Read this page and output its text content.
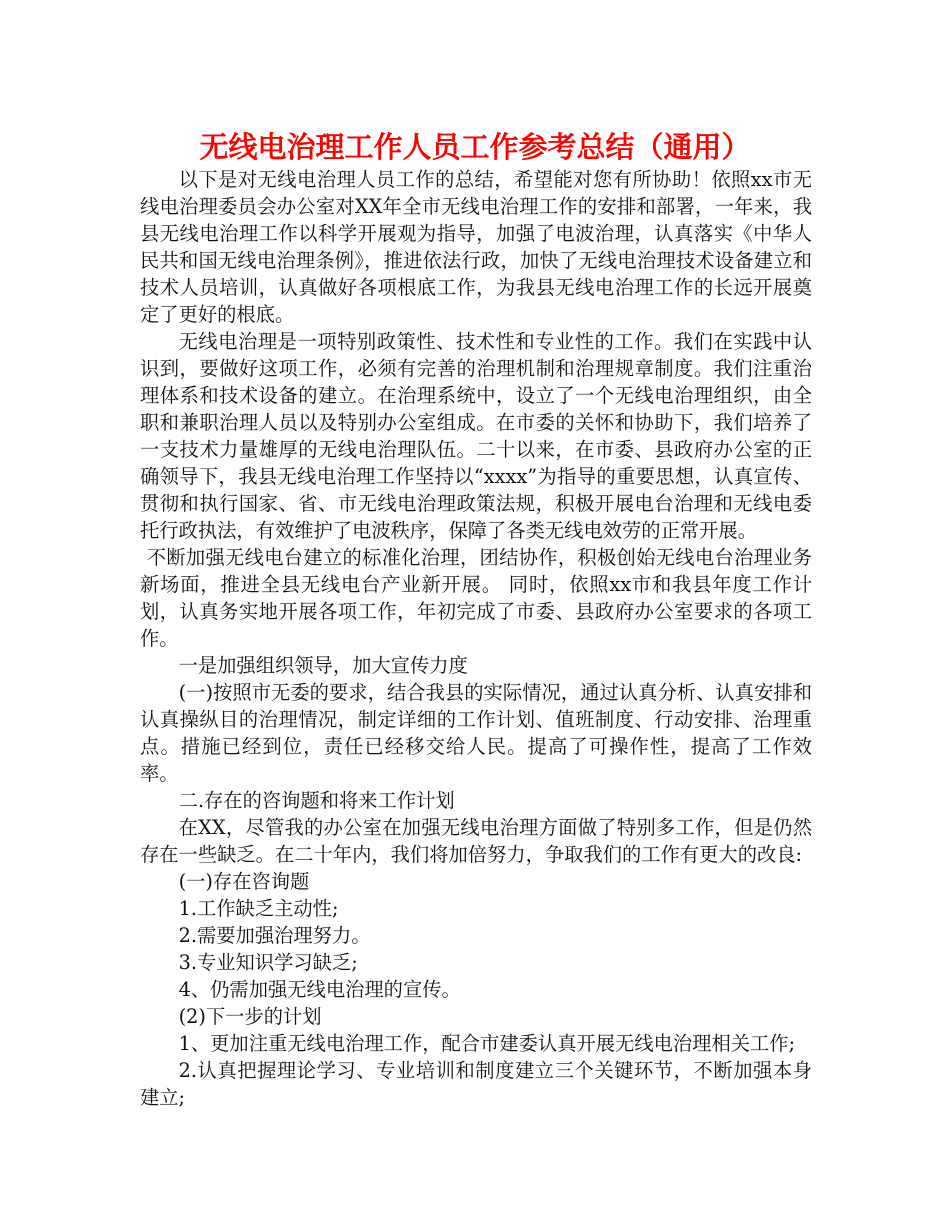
无线电治理工作人员工作参考总结（通用）

以下是对无线电治理人员工作的总结，希望能对您有所协助！依照xx市无线电治理委员会办公室对XX年全市无线电治理工作的安排和部署，一年来，我县无线电治理工作以科学开展观为指导，加强了电波治理，认真落实《中华人民共和国无线电治理条例》，推进依法行政，加快了无线电治理技术设备建立和技术人员培训，认真做好各项根底工作，为我县无线电治理工作的长远开展奠定了更好的根底。

无线电治理是一项特别政策性、技术性和专业性的工作。我们在实践中认识到，要做好这项工作，必须有完善的治理机制和治理规章制度。我们注重治理体系和技术设备的建立。在治理系统中，设立了一个无线电治理组织，由全职和兼职治理人员以及特别办公室组成。在市委的关怀和协助下，我们培养了一支技术力量雄厚的无线电治理队伍。二十以来，在市委、县政府办公室的正确领导下，我县无线电治理工作坚持以“xxxx”为指导的重要思想，认真宣传、贯彻和执行国家、省、市无线电治理政策法规，积极开展电台治理和无线电委托行政执法，有效维护了电波秩序，保障了各类无线电效劳的正常开展。

不断加强无线电台建立的标准化治理，团结协作，积极创始无线电台治理业务新场面，推进全县无线电台产业新开展。 同时，依照xx市和我县年度工作计划，认真务实地开展各项工作，年初完成了市委、县政府办公室要求的各项工作。

一是加强组织领导，加大宣传力度

(一)按照市无委的要求，结合我县的实际情况，通过认真分析、认真安排和认真操纵目的治理情况，制定详细的工作计划、值班制度、行动安排、治理重点。措施已经到位，责任已经移交给人民。提高了可操作性，提高了工作效率。

二.存在的咨询题和将来工作计划

在XX，尽管我的办公室在加强无线电治理方面做了特别多工作，但是仍然存在一些缺乏。在二十年内，我们将加倍努力，争取我们的工作有更大的改良:

(一)存在咨询题

1.工作缺乏主动性;

2.需要加强治理努力。

3.专业知识学习缺乏;

4、仍需加强无线电治理的宣传。

(2)下一步的计划

1、更加注重无线电治理工作，配合市建委认真开展无线电治理相关工作;

2.认真把握理论学习、专业培训和制度建立三个关键环节，不断加强本身建立;
